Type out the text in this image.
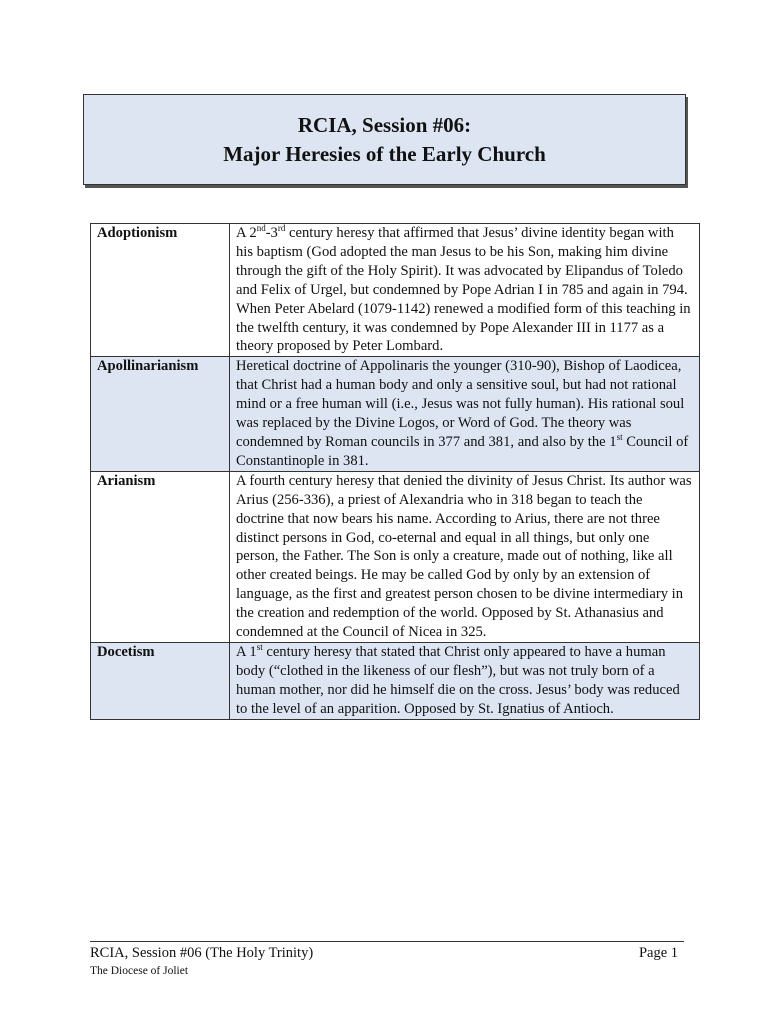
RCIA, Session #06:
Major Heresies of the Early Church
Adoptionism	A 2nd-3rd century heresy that affirmed that Jesus’ divine identity began with his baptism (God adopted the man Jesus to be his Son, making him divine through the gift of the Holy Spirit). It was advocated by Elipandus of Toledo and Felix of Urgel, but condemned by Pope Adrian I in 785 and again in 794. When Peter Abelard (1079-1142) renewed a modified form of this teaching in the twelfth century, it was condemned by Pope Alexander III in 1177 as a theory proposed by Peter Lombard.
Apollinarianism	Heretical doctrine of Appolinaris the younger (310-90), Bishop of Laodicea, that Christ had a human body and only a sensitive soul, but had not rational mind or a free human will (i.e., Jesus was not fully human). His rational soul was replaced by the Divine Logos, or Word of God. The theory was condemned by Roman councils in 377 and 381, and also by the 1st Council of Constantinople in 381.
Arianism	A fourth century heresy that denied the divinity of Jesus Christ. Its author was Arius (256-336), a priest of Alexandria who in 318 began to teach the doctrine that now bears his name. According to Arius, there are not three distinct persons in God, co-eternal and equal in all things, but only one person, the Father. The Son is only a creature, made out of nothing, like all other created beings. He may be called God by only by an extension of language, as the first and greatest person chosen to be divine intermediary in the creation and redemption of the world. Opposed by St. Athanasius and condemned at the Council of Nicea in 325.
Docetism	A 1st century heresy that stated that Christ only appeared to have a human body (“clothed in the likeness of our flesh”), but was not truly born of a human mother, nor did he himself die on the cross. Jesus’ body was reduced to the level of an apparition. Opposed by St. Ignatius of Antioch.
RCIA, Session #06 (The Holy Trinity)
The Diocese of Joliet
Page 1
